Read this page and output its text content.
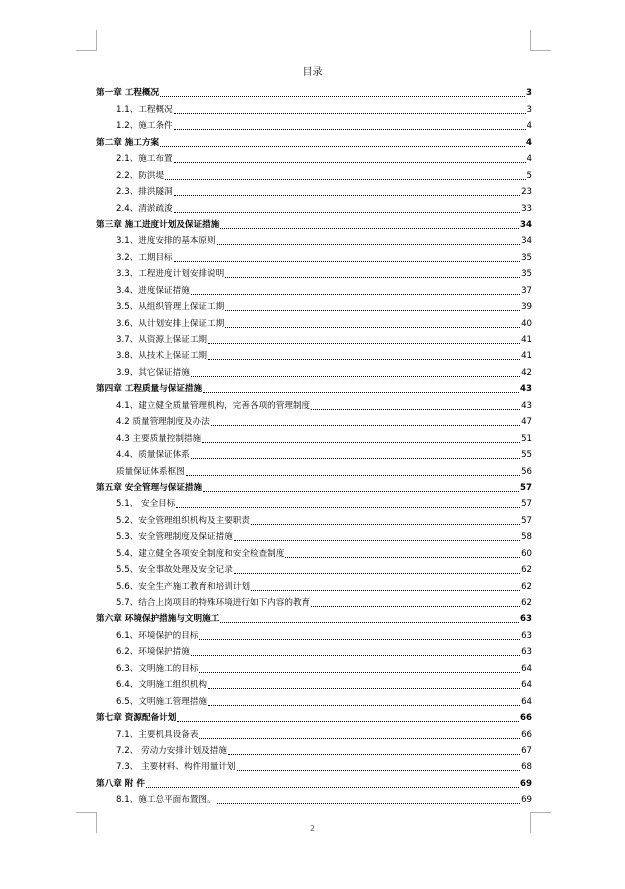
目录
第一章 工程概况	3
1.1、工程概况	3
1.2、施工条件	4
第二章 施工方案	4
2.1、施工布置	4
2.2、防洪堤	5
2.3、排洪隧洞	23
2.4、清淤疏浚	33
第三章 施工进度计划及保证措施	34
3.1、进度安排的基本原则	34
3.2、工期目标	35
3.3、工程进度计划安排说明	35
3.4、进度保证措施	37
3.5、从组织管理上保证工期	39
3.6、从计划安排上保证工期	40
3.7、从资源上保证工期	41
3.8、从技术上保证工期	41
3.9、其它保证措施	42
第四章 工程质量与保证措施	43
4.1、建立健全质量管理机构，完善各项的管理制度	43
4.2 质量管理制度及办法	47
4.3 主要质量控制措施	51
4.4、质量保证体系	55
质量保证体系框图	56
第五章 安全管理与保证措施	57
5.1、 安全目标	57
5.2、安全管理组织机构及主要职责	57
5.3、安全管理制度及保证措施	58
5.4、建立健全各项安全制度和安全检查制度	60
5.5、安全事故处理及安全记录	62
5.6、安全生产施工教育和培训计划	62
5.7、结合上岗项目的特殊环境进行如下内容的教育	62
第六章 环境保护措施与文明施工	63
6.1、环境保护的目标	63
6.2、环境保护措施	63
6.3、文明施工的目标	64
6.4、文明施工组织机构	64
6.5、文明施工管理措施	64
第七章 资源配备计划	66
7.1、主要机具设备表	66
7.2、 劳动力安排计划及措施	67
7.3、 主要材料、构件用量计划	68
第八章 附 件	69
8.1、施工总平面布置图。	69
2
